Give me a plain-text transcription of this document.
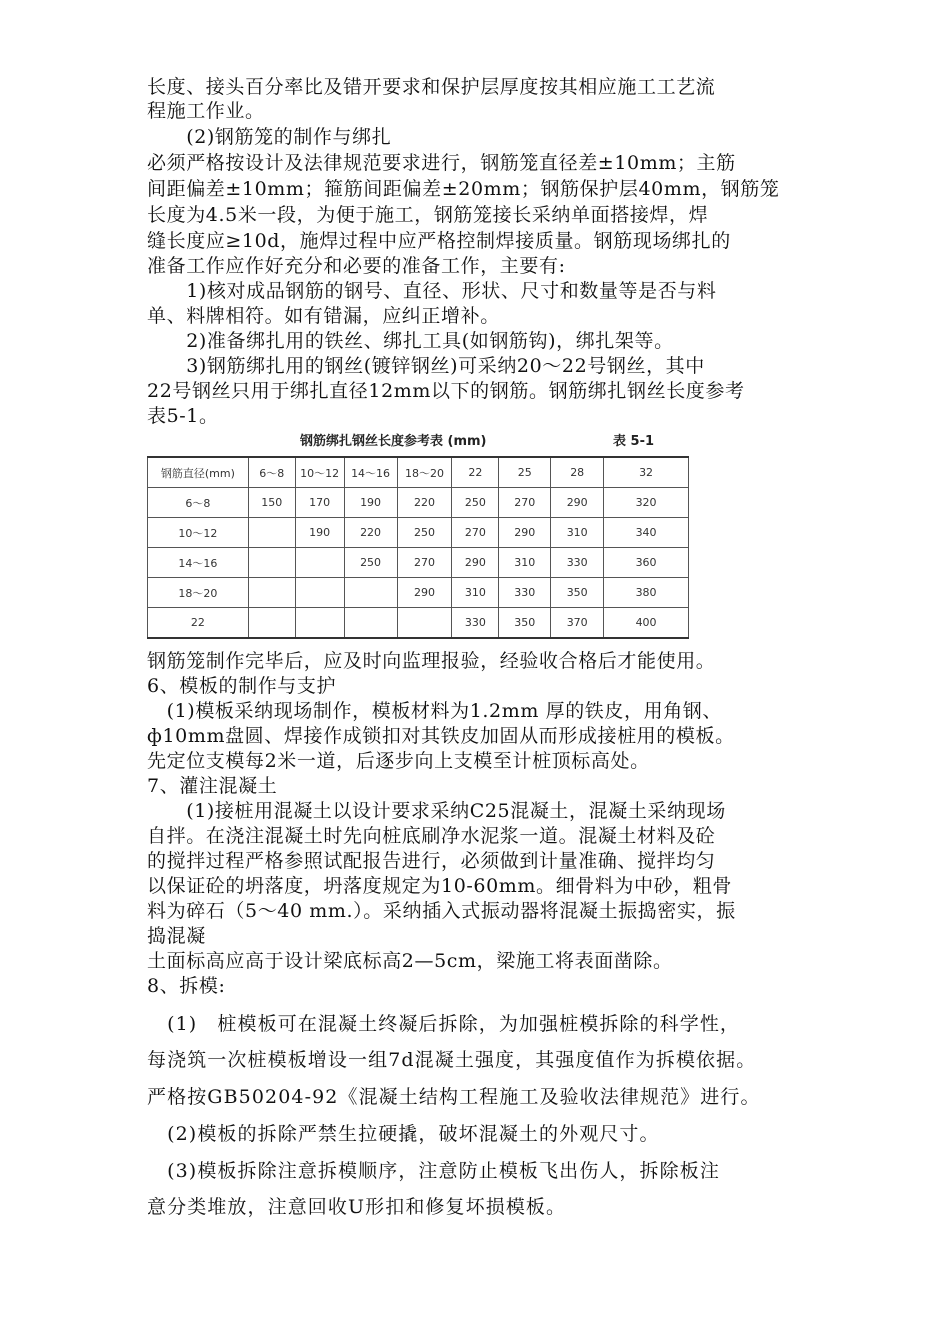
长度、接头百分率比及错开要求和保护层厚度按其相应施工工艺流
程施工作业。
　　(2)钢筋笼的制作与绑扎
必须严格按设计及法律规范要求进行，钢筋笼直径差±10mm；主筋
间距偏差±10mm；箍筋间距偏差±20mm；钢筋保护层40mm，钢筋笼
长度为4.5米一段，为便于施工，钢筋笼接长采纳单面搭接焊，焊
缝长度应≥10d，施焊过程中应严格控制焊接质量。钢筋现场绑扎的
准备工作应作好充分和必要的准备工作，主要有:
　　1)核对成品钢筋的钢号、直径、形状、尺寸和数量等是否与料
单、料牌相符。如有错漏，应纠正增补。
　　2)准备绑扎用的铁丝、绑扎工具(如钢筋钩)，绑扎架等。
　　3)钢筋绑扎用的钢丝(镀锌钢丝)可采纳20～22号钢丝，其中
22号钢丝只用于绑扎直径12mm以下的钢筋。钢筋绑扎钢丝长度参考
表5-1。
钢筋绑扎钢丝长度参考表 (mm)	表 5-1
钢筋直径(mm)	6～8	10～12	14～16	18～20	22	25	28	32
6～8	150	170	190	220	250	270	290	320
10～12		190	220	250	270	290	310	340
14～16			250	270	290	310	330	360
18～20				290	310	330	350	380
22					330	350	370	400
钢筋笼制作完毕后，应及时向监理报验，经验收合格后才能使用。
6、模板的制作与支护
　(1)模板采纳现场制作，模板材料为1.2mm 厚的铁皮，用角钢、
ф10mm盘圆、焊接作成锁扣对其铁皮加固从而形成接桩用的模板。
先定位支模每2米一道，后逐步向上支模至计桩顶标高处。
7、灌注混凝土
　　(1)接桩用混凝土以设计要求采纳C25混凝土，混凝土采纳现场
自拌。在浇注混凝土时先向桩底刷净水泥浆一道。混凝土材料及砼
的搅拌过程严格参照试配报告进行，必须做到计量准确、搅拌均匀
以保证砼的坍落度，坍落度规定为10-60mm。细骨料为中砂，粗骨
料为碎石（5～40 mm.）。采纳插入式振动器将混凝土振捣密实，振
捣混凝
土面标高应高于设计梁底标高2—5cm，梁施工将表面凿除。
8、拆模:
　(1)　桩模板可在混凝土终凝后拆除，为加强桩模拆除的科学性，
每浇筑一次桩模板增设一组7d混凝土强度，其强度值作为拆模依据。
严格按GB50204-92《混凝土结构工程施工及验收法律规范》进行。
　(2)模板的拆除严禁生拉硬撬，破坏混凝土的外观尺寸。
　(3)模板拆除注意拆模顺序，注意防止模板飞出伤人，拆除板注
意分类堆放，注意回收U形扣和修复坏损模板。
